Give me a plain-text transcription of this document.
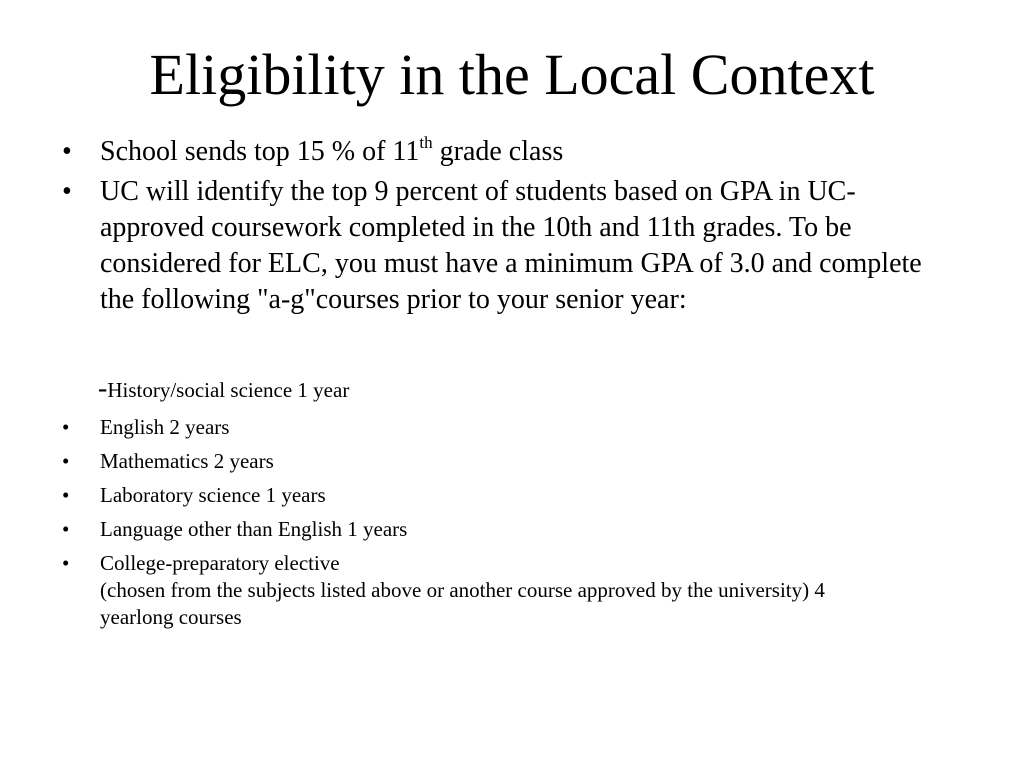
Eligibility in the Local Context
• School sends top 15 % of 11th grade class
• UC will identify the top 9 percent of students based on GPA in UC-approved coursework completed in the 10th and 11th grades. To be considered for ELC, you must have a minimum GPA of 3.0 and complete the following "a-g"courses prior to your senior year:
-History/social science 1 year
• English 2 years
• Mathematics 2 years
• Laboratory science 1 years
• Language other than English 1 years
• College-preparatory elective
(chosen from the subjects listed above or another course approved by the university) 4 yearlong courses
